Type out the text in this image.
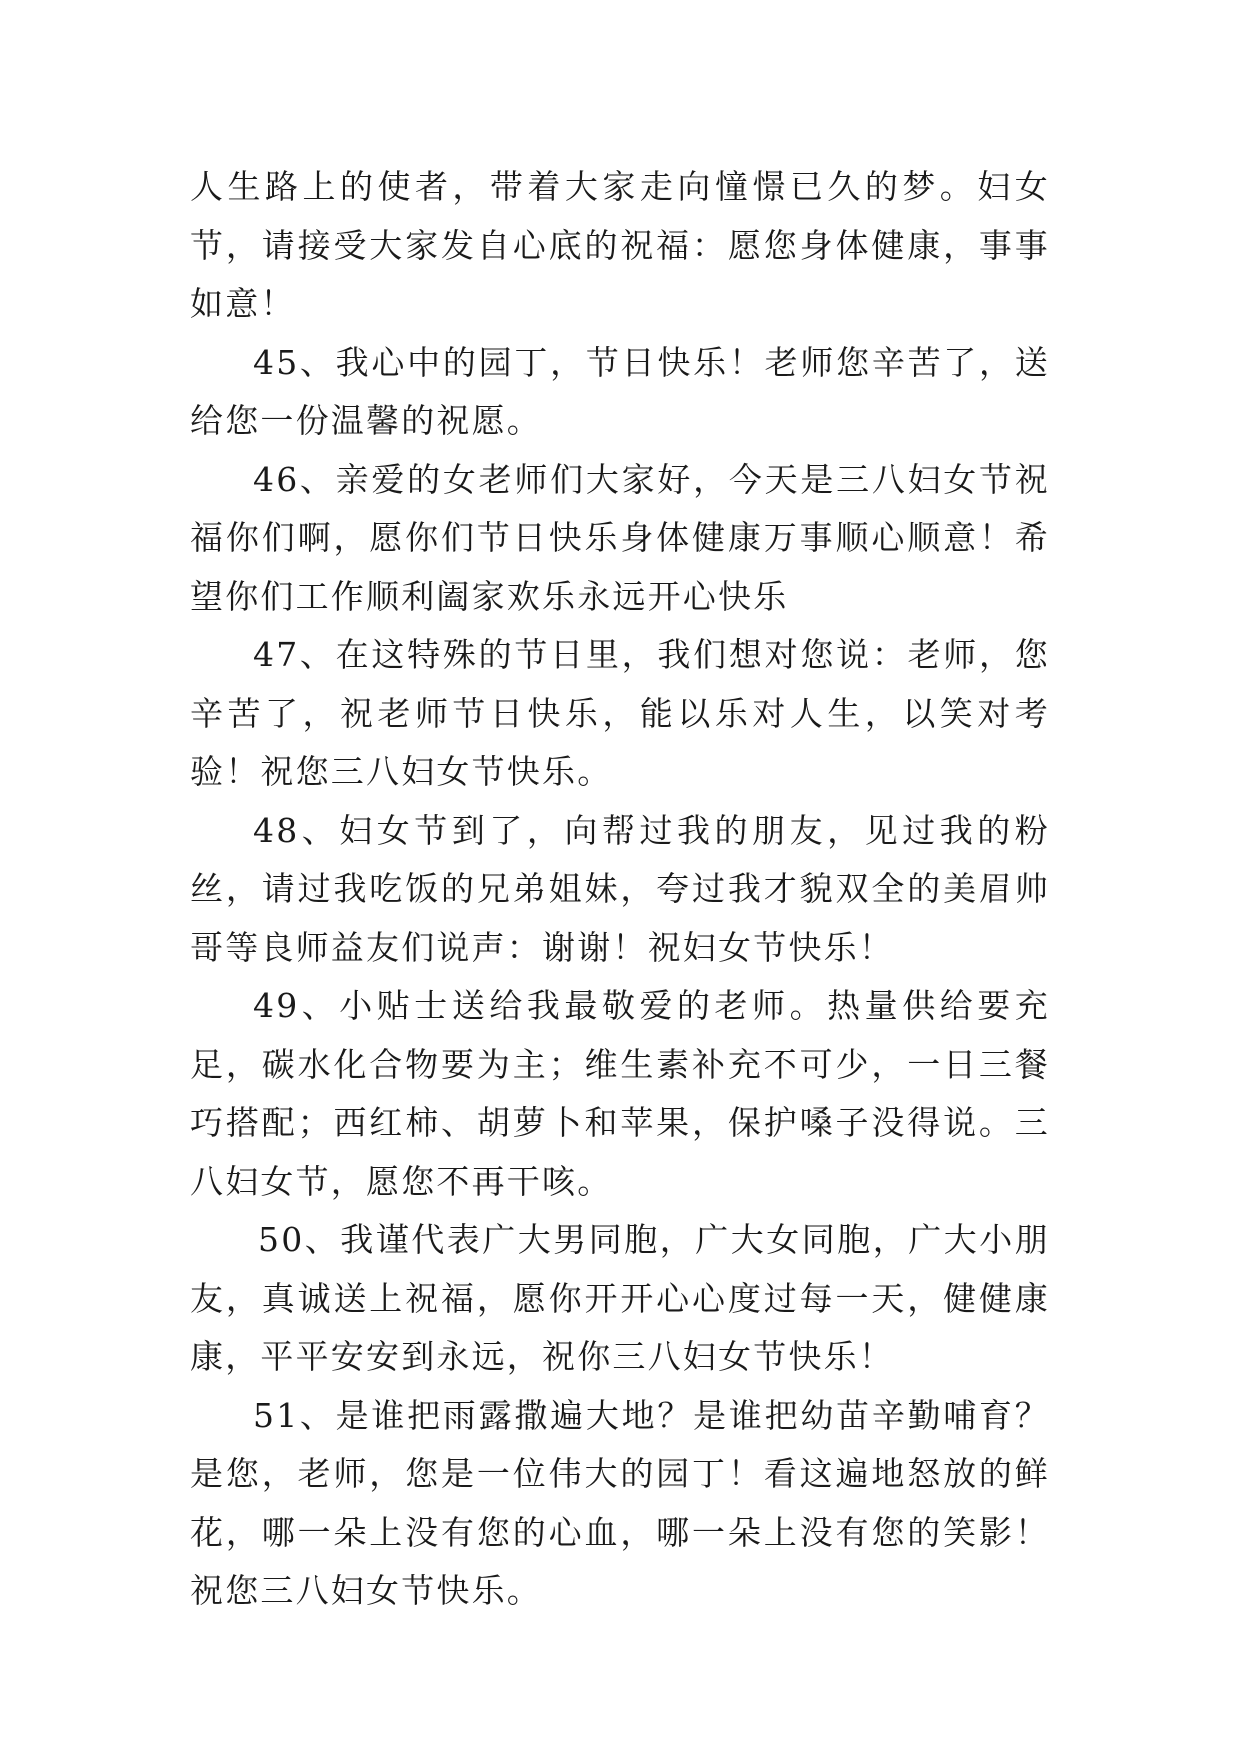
人生路上的使者，带着大家走向憧憬已久的梦。妇女节，请接受大家发自心底的祝福：愿您身体健康，事事如意！

45、我心中的园丁，节日快乐！老师您辛苦了，送给您一份温馨的祝愿。

46、亲爱的女老师们大家好，今天是三八妇女节祝福你们啊，愿你们节日快乐身体健康万事顺心顺意！希望你们工作顺利阖家欢乐永远开心快乐

47、在这特殊的节日里，我们想对您说：老师，您辛苦了，祝老师节日快乐，能以乐对人生，以笑对考验！祝您三八妇女节快乐。

48、妇女节到了，向帮过我的朋友，见过我的粉丝，请过我吃饭的兄弟姐妹，夸过我才貌双全的美眉帅哥等良师益友们说声：谢谢！祝妇女节快乐！

49、小贴士送给我最敬爱的老师。热量供给要充足，碳水化合物要为主；维生素补充不可少，一日三餐巧搭配；西红柿、胡萝卜和苹果，保护嗓子没得说。三八妇女节，愿您不再干咳。

50、我谨代表广大男同胞，广大女同胞，广大小朋友，真诚送上祝福，愿你开开心心度过每一天，健健康康，平平安安到永远，祝你三八妇女节快乐！

51、是谁把雨露撒遍大地？是谁把幼苗辛勤哺育？是您，老师，您是一位伟大的园丁！看这遍地怒放的鲜花，哪一朵上没有您的心血，哪一朵上没有您的笑影！祝您三八妇女节快乐。
